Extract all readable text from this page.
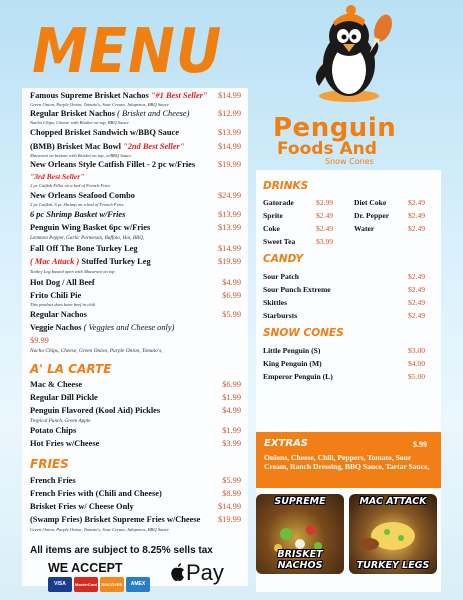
MENU
Penguin
Foods And
Snow Cones
Famous Supreme Brisket Nachos "#1 Best Seller" $14.99
Green Onion, Purple Onion, Tomato's, Sour Cream, Jalapenos, BBQ Sauce
Regular Brisket Nachos ( Brisket and Cheese)	$12.99
Nacho Chips, Cheese with Brisket on top, BBQ Sauce
Chopped Brisket Sandwich w/BBQ Sauce	$13.99
(BMB) Brisket Mac Bowl "2nd Best Seller"	$14.99
Macaroni on bottom with Brisket on top, w/BBQ Sauce
New Orleans Style Catfish Fillet - 2 pc w/Fries	$19.99
"3rd Best Seller"
2 pc Catfish Fillet on a bed of French Fries
New Orleans Seafood Combo	$24.99
2 pc Catfish, 6 pc Shrimp on a bed of French Fries
6 pc Shrimp Basket w/Fries	$13.99
Penguin Wing Basket 6pc w/Fries	$13.99
Lemmon Pepper, Garlic Parmesan, Buffalo, Hot, BBQ,
Fall Off The Bone Turkey Leg	$14.99
( Mac Attack ) Stuffed Turkey Leg	$19.99
Turkey Leg busted open with Macaroni on top
Hot Dog / All Beef	$4.99
Frito Chili Pie	$6.99
This product does have beef in chili
Regular Nachos	$5.99
Veggie Nachos ( Veggies and Cheese only)
$9.99
Nacho Chips, Cheese, Green Onion, Purple Onion, Tomato's,
A' LA CARTE
Mac & Cheese	$6.99
Regular Dill Pickle	$1.99
Penguin Flavored (Kool Aid) Pickles	$4.99
Tropical Punch, Green Apple
Potato Chips	$1.99
Hot Fries w/Cheese	$3.99
FRIES
French Fries	$5.99
French Fries with (Chili and Cheese)	$8.99
Brisket Fries w/ Cheese Only	$14.99
(Swamp Fries) Brisket Supreme Fries w/Cheese $19.99
Green Onion, Purple Onion, Tomato's, Sour Cream, Jalapenos, BBQ Sauce
DRINKS
Gatorade	$2.99
Sprite	$2.49
Coke	$2.49
Sweet Tea	$3.99
Diet Coke	$2.49
Dr. Pepper $2.49
Water	$2.49
CANDY
Sour Patch	$2.49
Sour Punch Extreme	$2.49
Skittles	$2.49
Starbursts	$2.49
SNOW CONES
Little Penguin (S)	$3.00
King Penguin (M)	$4.00
Emperor Penguin (L)	$5.00
EXTRAS	$.99
Onions, Cheese, Chili, Peppers, Tomato, Sour Cream, Ranch Dressing, BBQ Sauce, Tartar Sauce,
SUPREME
BRISKET NACHOS
MAC ATTACK
TURKEY LEGS
All items are subject to 8.25% sells tax
WE ACCEPT
VISA	MasterCard	DISCOVER	AMEX	Pay
